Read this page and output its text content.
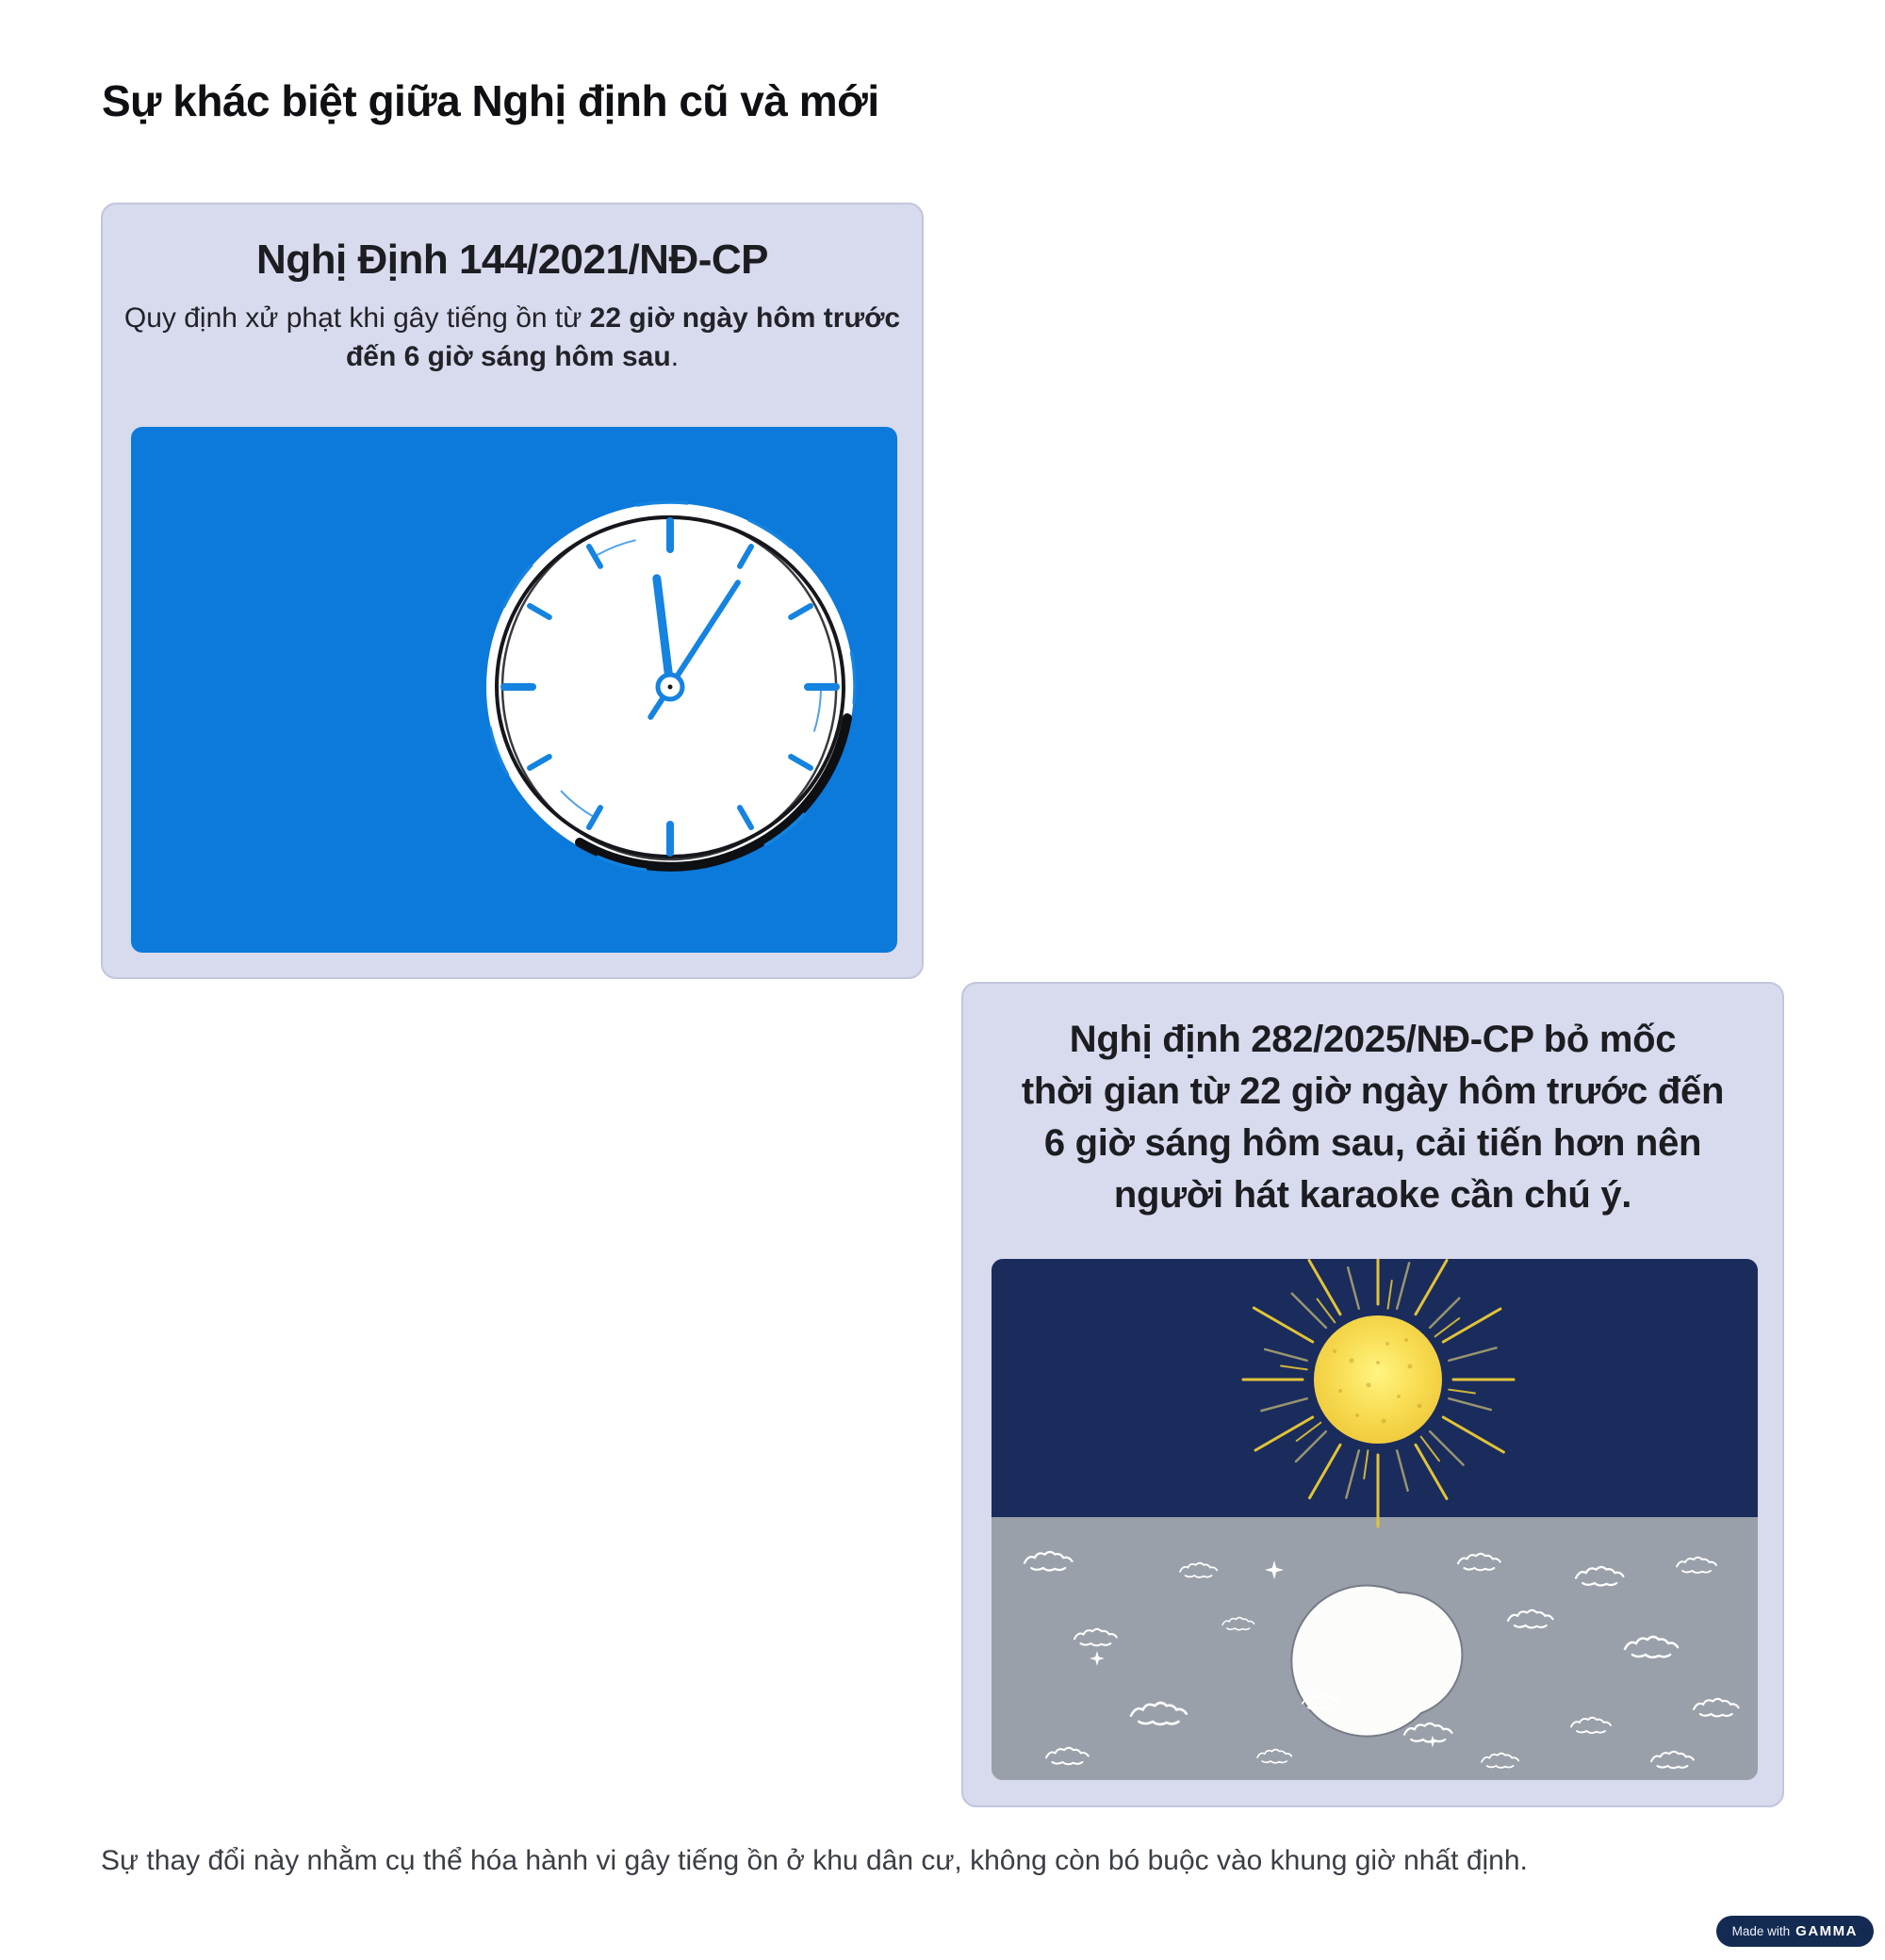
Sự khác biệt giữa Nghị định cũ và mới
Nghị Định 144/2021/NĐ-CP
Quy định xử phạt khi gây tiếng ồn từ 22 giờ ngày hôm trước
đến 6 giờ sáng hôm sau.
Nghị định 282/2025/NĐ-CP bỏ mốc
thời gian từ 22 giờ ngày hôm trước đến
6 giờ sáng hôm sau, cải tiến hơn nên
người hát karaoke cần chú ý.
Sự thay đổi này nhằm cụ thể hóa hành vi gây tiếng ồn ở khu dân cư, không còn bó buộc vào khung giờ nhất định.
Made with GAMMA
